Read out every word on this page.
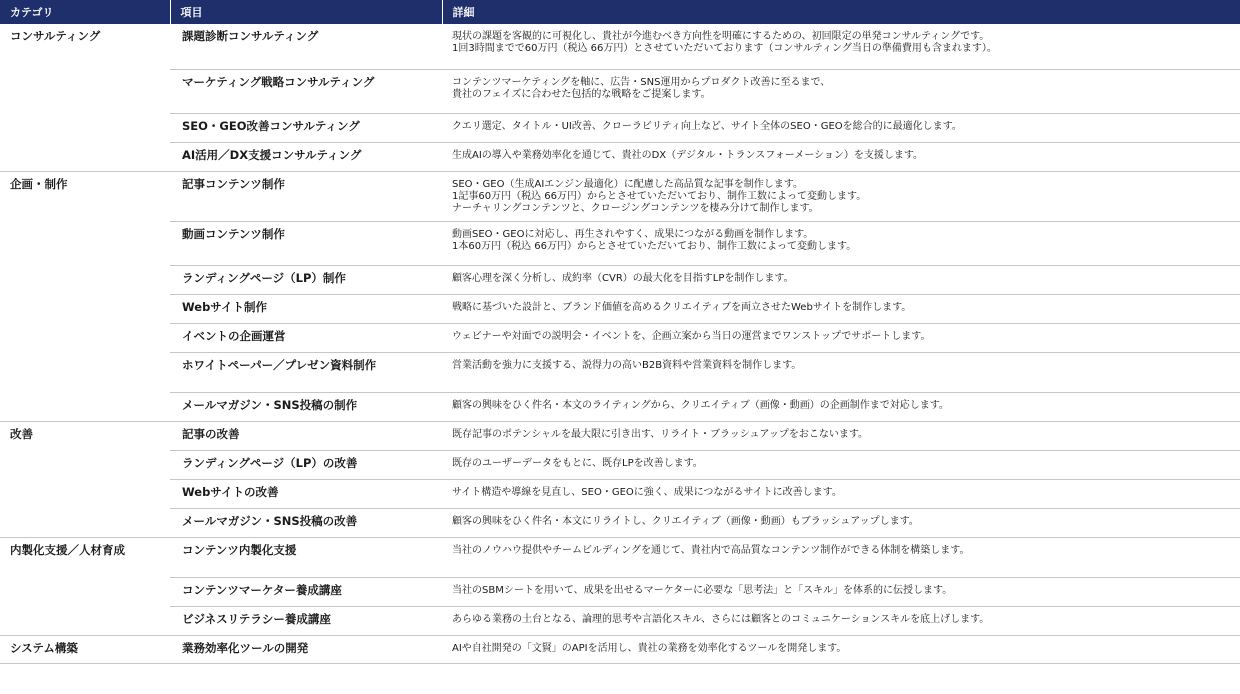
カテゴリ	項目	詳細
コンサルティング	課題診断コンサルティング	現状の課題を客観的に可視化し、貴社が今進むべき方向性を明確にするための、初回限定の単発コンサルティングです。
1回3時間までで60万円（税込 66万円）とさせていただいております（コンサルティング当日の準備費用も含まれます）。

	マーケティング戦略コンサルティング	コンテンツマーケティングを軸に、広告・SNS運用からプロダクト改善に至るまで、
貴社のフェイズに合わせた包括的な戦略をご提案します。

	SEO・GEO改善コンサルティング	クエリ選定、タイトル・UI改善、クローラビリティ向上など、サイト全体のSEO・GEOを総合的に最適化します。

	AI活用／DX支援コンサルティング	生成AIの導入や業務効率化を通じて、貴社のDX（デジタル・トランスフォーメーション）を支援します。

企画・制作	記事コンテンツ制作	SEO・GEO（生成AIエンジン最適化）に配慮した高品質な記事を制作します。
1記事60万円（税込 66万円）からとさせていただいており、制作工数によって変動します。
ナーチャリングコンテンツと、クロージングコンテンツを棲み分けて制作します。

	動画コンテンツ制作	動画SEO・GEOに対応し、再生されやすく、成果につながる動画を制作します。
1本60万円（税込 66万円）からとさせていただいており、制作工数によって変動します。

	ランディングページ（LP）制作	顧客心理を深く分析し、成約率（CVR）の最大化を目指すLPを制作します。

	Webサイト制作	戦略に基づいた設計と、ブランド価値を高めるクリエイティブを両立させたWebサイトを制作します。

	イベントの企画運営	ウェビナーや対面での説明会・イベントを、企画立案から当日の運営までワンストップでサポートします。

	ホワイトペーパー／プレゼン資料制作	営業活動を強力に支援する、説得力の高いB2B資料や営業資料を制作します。

	メールマガジン・SNS投稿の制作	顧客の興味をひく件名・本文のライティングから、クリエイティブ（画像・動画）の企画制作まで対応します。

改善	記事の改善	既存記事のポテンシャルを最大限に引き出す、リライト・ブラッシュアップをおこないます。

	ランディングページ（LP）の改善	既存のユーザーデータをもとに、既存LPを改善します。

	Webサイトの改善	サイト構造や導線を見直し、SEO・GEOに強く、成果につながるサイトに改善します。

	メールマガジン・SNS投稿の改善	顧客の興味をひく件名・本文にリライトし、クリエイティブ（画像・動画）もブラッシュアップします。

内製化支援／人材育成	コンテンツ内製化支援	当社のノウハウ提供やチームビルディングを通じて、貴社内で高品質なコンテンツ制作ができる体制を構築します。

	コンテンツマーケター養成講座	当社のSBMシートを用いて、成果を出せるマーケターに必要な「思考法」と「スキル」を体系的に伝授します。

	ビジネスリテラシー養成講座	あらゆる業務の土台となる、論理的思考や言語化スキル、さらには顧客とのコミュニケーションスキルを底上げします。

システム構築	業務効率化ツールの開発	AIや自社開発の「文賢」のAPIを活用し、貴社の業務を効率化するツールを開発します。
